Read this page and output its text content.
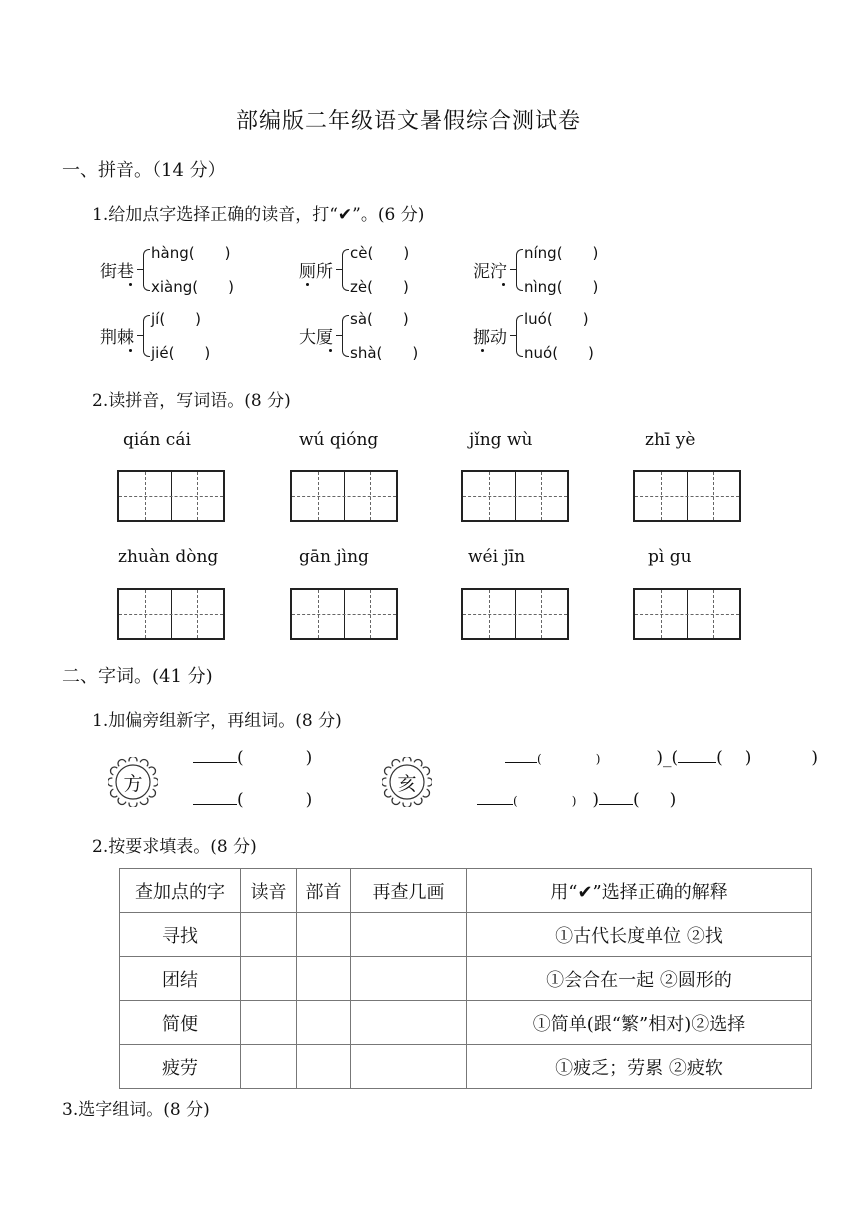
部编版二年级语文暑假综合测试卷
一、拼音。（14 分）
1.给加点字选择正确的读音，打“✔”。(6 分)
街巷
hàng(　　)
xiàng(　　)
厕所
cè(　　)
zè(　　)
泥泞
níng(　　)
nìng(　　)
荆棘
jí(　　)
jié(　　)
大厦
sà(　　)
shà(　　)
挪动
luó(　　)
nuó(　　)
2.读拼音，写词语。(8 分)
qián cái	wú qióng	jǐng wù	zhī yè
zhuàn dòng	gān jìng	wéi jīn	pì gu
二、字词。(41 分)
1.加偏旁组新字，再组词。(8 分)
方
(	)
(	)
亥
(	)	)_( ( )	)
(	) ) ( )
2.按要求填表。(8 分)
查加点的字	读音	部首	再查几画	用“✔”选择正确的解释
寻找				①古代长度单位 ②找
团结				①会合在一起 ②圆形的
简便				①简单(跟“繁”相对)②选择
疲劳				①疲乏；劳累 ②疲软
3.选字组词。(8 分)
